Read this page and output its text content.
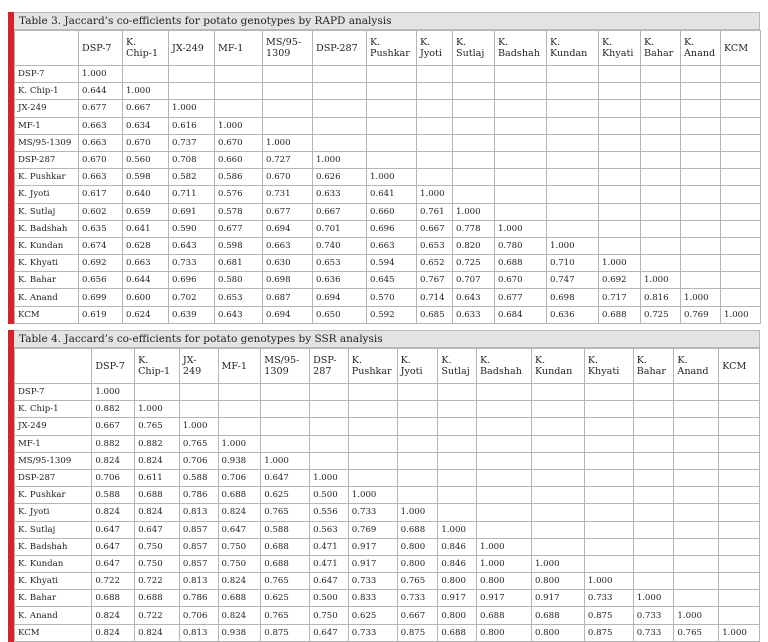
Table 3. Jaccard’s co-efficients for potato genotypes by RAPD analysis

	DSP-7	K.
Chip-1	JX-249	MF-1	MS/95-
1309	DSP-287	K.
Pushkar	K.
Jyoti	K.
Sutlaj	K.
Badshah	K.
Kundan	K.
Khyati	K.
Bahar	K.
Anand	KCM

DSP-7	1.000														
K. Chip-1	0.644	1.000													
JX-249	0.677	0.667	1.000												
MF-1	0.663	0.634	0.616	1.000											
MS/95-1309	0.663	0.670	0.737	0.670	1.000										
DSP-287	0.670	0.560	0.708	0.660	0.727	1.000									
K. Pushkar	0.663	0.598	0.582	0.586	0.670	0.626	1.000								
K. Jyoti	0.617	0.640	0.711	0.576	0.731	0.633	0.641	1.000							
K. Sutlaj	0.602	0.659	0.691	0.578	0.677	0.667	0.660	0.761	1.000						
K. Badshah	0.635	0.641	0.590	0.677	0.694	0.701	0.696	0.667	0.778	1.000					
K. Kundan	0.674	0.628	0.643	0.598	0.663	0.740	0.663	0.653	0.820	0.780	1.000				
K. Khyati	0.692	0.663	0.733	0.681	0.630	0.653	0.594	0.652	0.725	0.688	0.710	1.000			
K. Bahar	0.656	0.644	0.696	0.580	0.698	0.636	0.645	0.767	0.707	0.670	0.747	0.692	1.000		
K. Anand	0.699	0.600	0.702	0.653	0.687	0.694	0.570	0.714	0.643	0.677	0.698	0.717	0.816	1.000	
KCM	0.619	0.624	0.639	0.643	0.694	0.650	0.592	0.685	0.633	0.684	0.636	0.688	0.725	0.769	1.000
Table 4. Jaccard’s co-efficients for potato genotypes by SSR analysis

	DSP-7	K.
Chip-1	JX-
249	MF-1	MS/95-
1309	DSP-
287	K.
Pushkar	K.
Jyoti	K.
Sutlaj	K.
Badshah	K.
Kundan	K.
Khyati	K.
Bahar	K.
Anand	KCM

DSP-7	1.000														
K. Chip-1	0.882	1.000													
JX-249	0.667	0.765	1.000												
MF-1	0.882	0.882	0.765	1.000											
MS/95-1309	0.824	0.824	0.706	0.938	1.000										
DSP-287	0.706	0.611	0.588	0.706	0.647	1.000									
K. Pushkar	0.588	0.688	0.786	0.688	0.625	0.500	1.000								
K. Jyoti	0.824	0.824	0.813	0.824	0.765	0.556	0.733	1.000							
K. Sutlaj	0.647	0.647	0.857	0.647	0.588	0.563	0.769	0.688	1.000						
K. Badshah	0.647	0.750	0.857	0.750	0.688	0.471	0.917	0.800	0.846	1.000					
K. Kundan	0.647	0.750	0.857	0.750	0.688	0.471	0.917	0.800	0.846	1.000	1.000				
K. Khyati	0.722	0.722	0.813	0.824	0.765	0.647	0.733	0.765	0.800	0.800	0.800	1.000			
K. Bahar	0.688	0.688	0.786	0.688	0.625	0.500	0.833	0.733	0.917	0.917	0.917	0.733	1.000		
K. Anand	0.824	0.722	0.706	0.824	0.765	0.750	0.625	0.667	0.800	0.688	0.688	0.875	0.733	1.000	
KCM	0.824	0.824	0.813	0.938	0.875	0.647	0.733	0.875	0.688	0.800	0.800	0.875	0.733	0.765	1.000
